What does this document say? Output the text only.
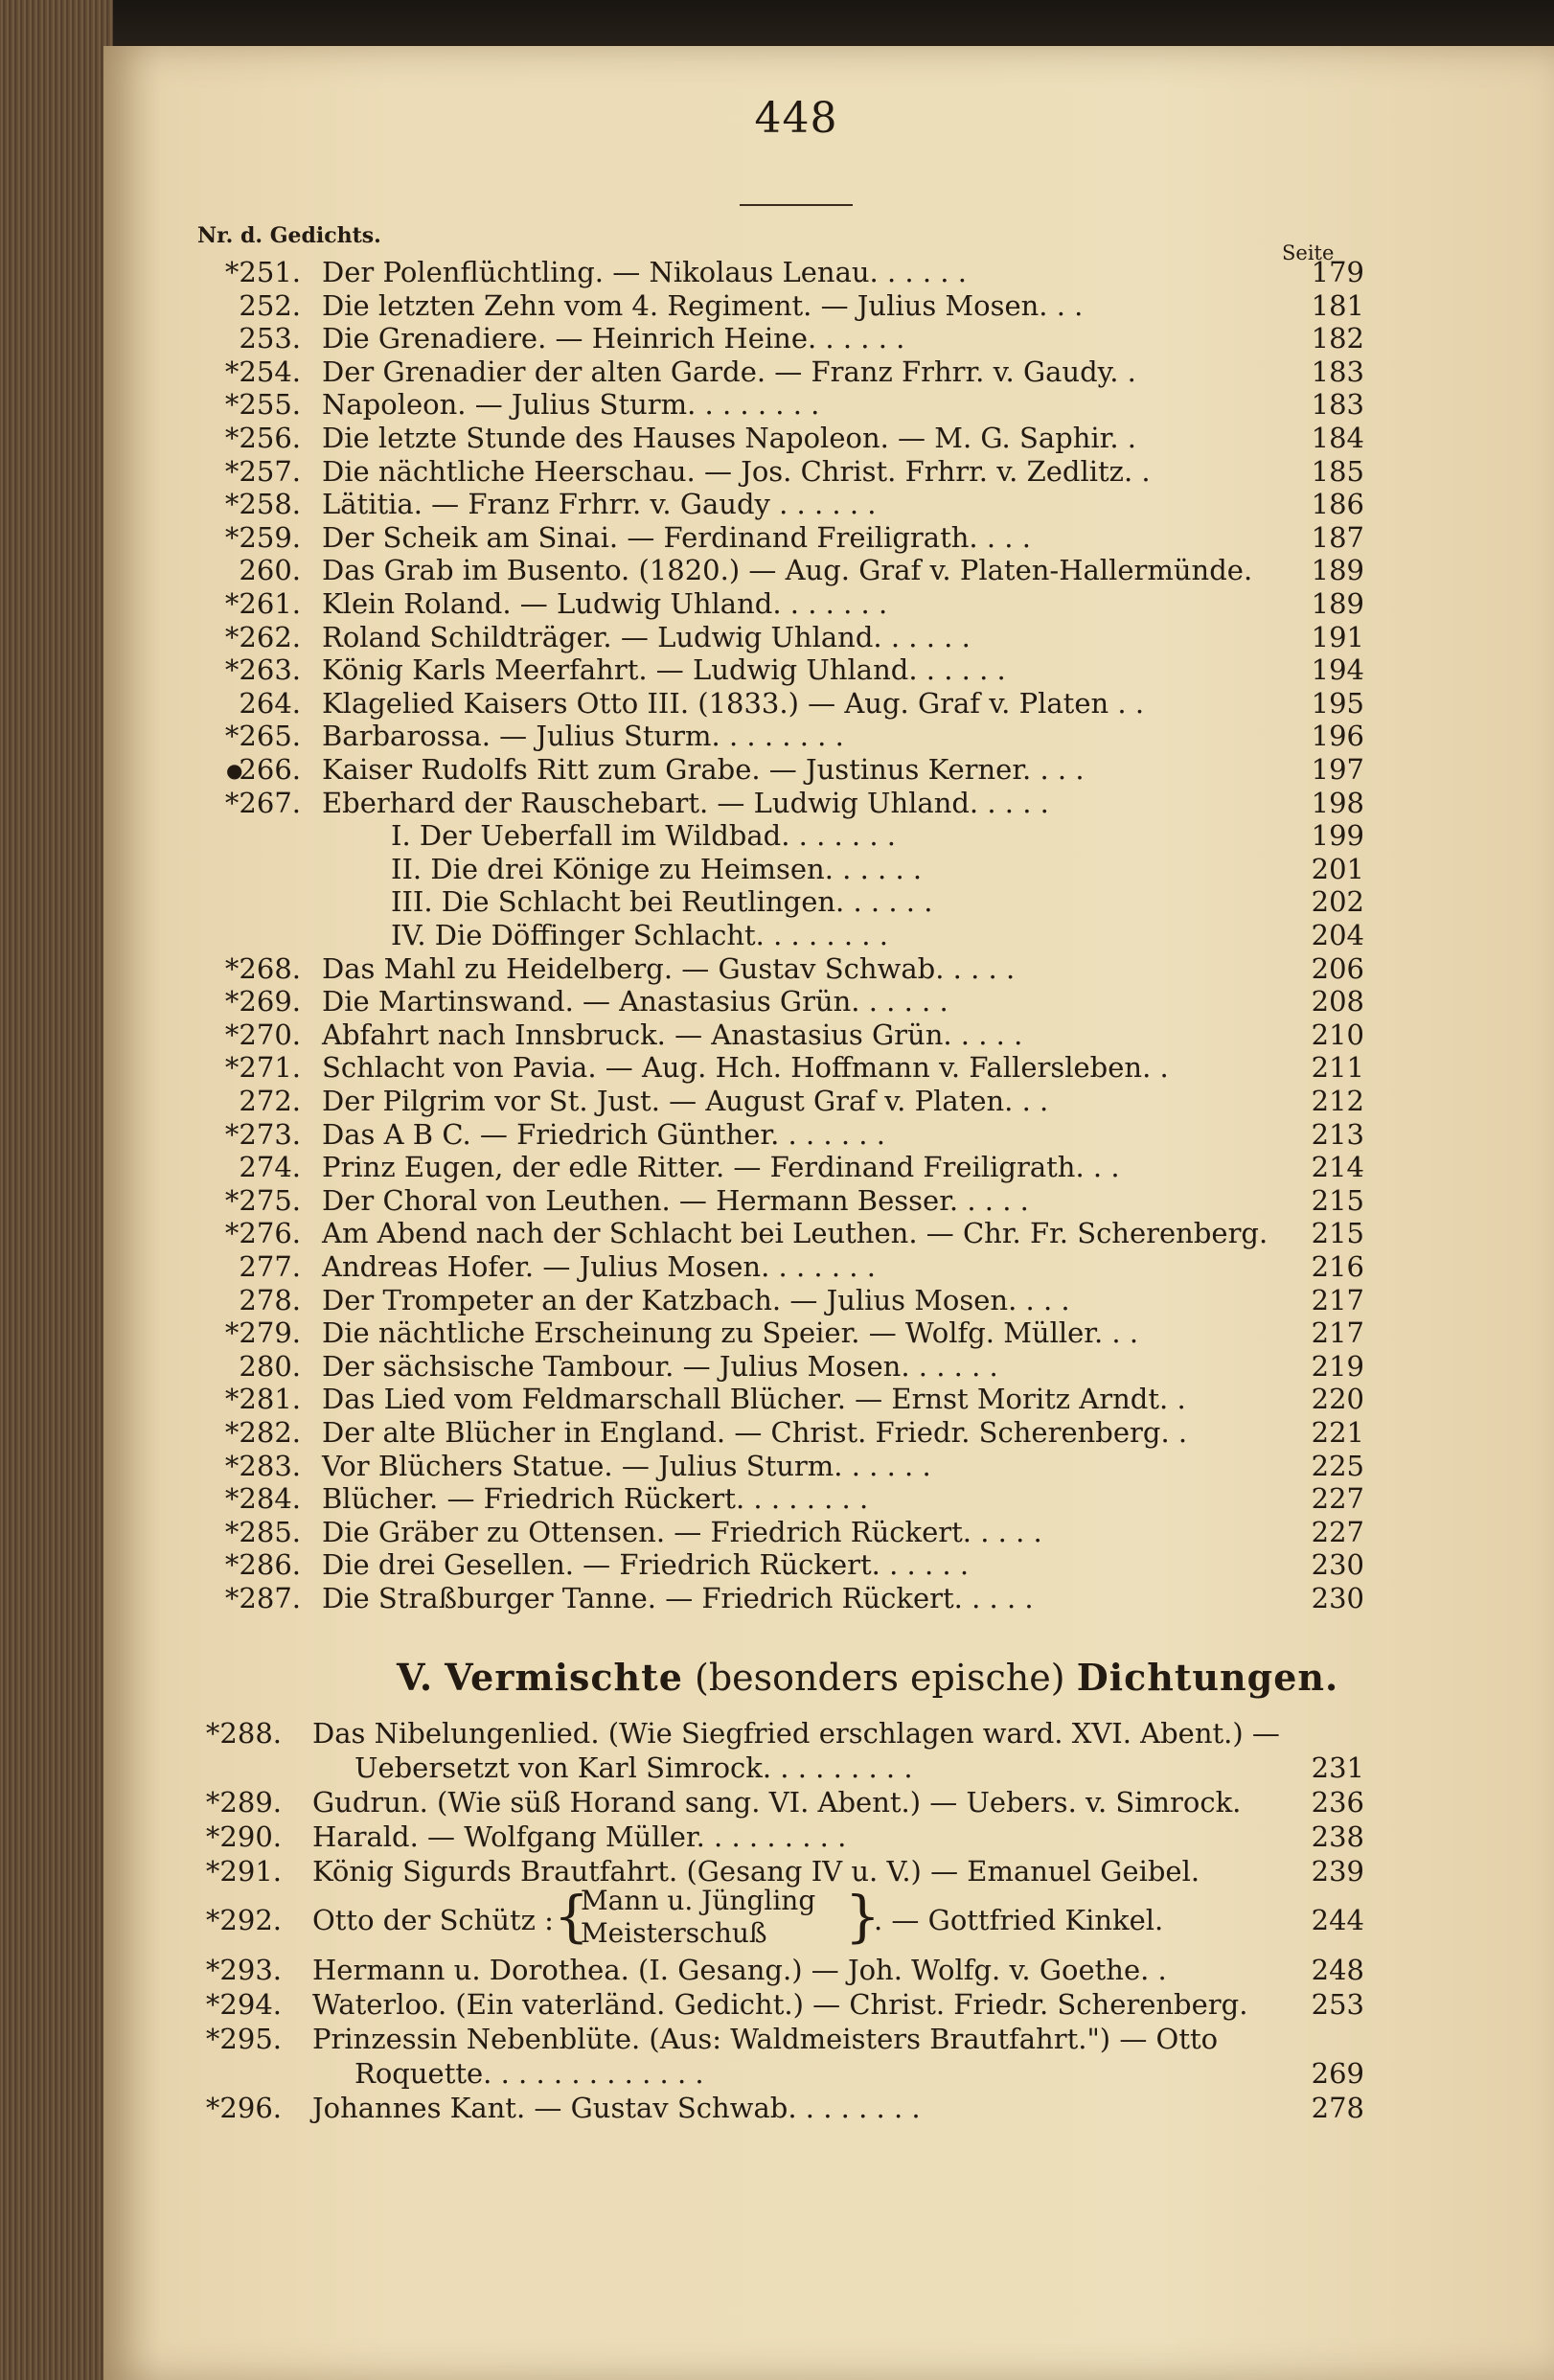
448
Nr. d. Gedichts.
Seite
●
*251. Der Polenflüchtling. — Nikolaus Lenau. . . . . .	179
252. Die letzten Zehn vom 4. Regiment. — Julius Mosen. . .	181
253. Die Grenadiere. — Heinrich Heine. . . . . .	182
*254. Der Grenadier der alten Garde. — Franz Frhrr. v. Gaudy. .	183
*255. Napoleon. — Julius Sturm. . . . . . . .	183
*256. Die letzte Stunde des Hauses Napoleon. — M. G. Saphir. .	184
*257. Die nächtliche Heerschau. — Jos. Christ. Frhrr. v. Zedlitz. .	185
*258. Lätitia. — Franz Frhrr. v. Gaudy . . . . . .	186
*259. Der Scheik am Sinai. — Ferdinand Freiligrath. . . .	187
260. Das Grab im Busento. (1820.) — Aug. Graf v. Platen-Hallermünde.	189
*261. Klein Roland. — Ludwig Uhland. . . . . . .	189
*262. Roland Schildträger. — Ludwig Uhland. . . . . .	191
*263. König Karls Meerfahrt. — Ludwig Uhland. . . . . .	194
264. Klagelied Kaisers Otto III. (1833.) — Aug. Graf v. Platen . .	195
*265. Barbarossa. — Julius Sturm. . . . . . . .	196
266. Kaiser Rudolfs Ritt zum Grabe. — Justinus Kerner. . . .	197
*267. Eberhard der Rauschebart. — Ludwig Uhland. . . . .	198
I. Der Ueberfall im Wildbad. . . . . . .	199
II. Die drei Könige zu Heimsen. . . . . .	201
III. Die Schlacht bei Reutlingen. . . . . .	202
IV. Die Döffinger Schlacht. . . . . . . .	204
*268. Das Mahl zu Heidelberg. — Gustav Schwab. . . . .	206
*269. Die Martinswand. — Anastasius Grün. . . . . .	208
*270. Abfahrt nach Innsbruck. — Anastasius Grün. . . . .	210
*271. Schlacht von Pavia. — Aug. Hch. Hoffmann v. Fallersleben. .	211
272. Der Pilgrim vor St. Just. — August Graf v. Platen. . .	212
*273. Das A B C. — Friedrich Günther. . . . . . .	213
274. Prinz Eugen, der edle Ritter. — Ferdinand Freiligrath. . .	214
*275. Der Choral von Leuthen. — Hermann Besser. . . . .	215
*276. Am Abend nach der Schlacht bei Leuthen. — Chr. Fr. Scherenberg.	215
277. Andreas Hofer. — Julius Mosen. . . . . . .	216
278. Der Trompeter an der Katzbach. — Julius Mosen. . . .	217
*279. Die nächtliche Erscheinung zu Speier. — Wolfg. Müller. . .	217
280. Der sächsische Tambour. — Julius Mosen. . . . . .	219
*281. Das Lied vom Feldmarschall Blücher. — Ernst Moritz Arndt. .	220
*282. Der alte Blücher in England. — Christ. Friedr. Scherenberg. .	221
*283. Vor Blüchers Statue. — Julius Sturm. . . . . .	225
*284. Blücher. — Friedrich Rückert. . . . . . . .	227
*285. Die Gräber zu Ottensen. — Friedrich Rückert. . . . .	227
*286. Die drei Gesellen. — Friedrich Rückert. . . . . .	230
*287. Die Straßburger Tanne. — Friedrich Rückert. . . . .	230
V. Vermischte (besonders epische) Dichtungen.
*288. Das Nibelungenlied. (Wie Siegfried erschlagen ward. XVI. Abent.) —
Uebersetzt von Karl Simrock. . . . . . . . .	231
*289. Gudrun. (Wie süß Horand sang. VI. Abent.) — Uebers. v. Simrock.	236
*290. Harald. — Wolfgang Müller. . . . . . . . .	238
*291. König Sigurds Brautfahrt. (Gesang IV u. V.) — Emanuel Geibel.	239
*292. Otto der Schütz : {
Mann u. Jüngling
Meisterschuß }
. — Gottfried Kinkel.	244
*293. Hermann u. Dorothea. (I. Gesang.) — Joh. Wolfg. v. Goethe. .	248
*294. Waterloo. (Ein vaterländ. Gedicht.) — Christ. Friedr. Scherenberg.	253
*295. Prinzessin Nebenblüte. (Aus: Waldmeisters Brautfahrt.") — Otto
Roquette. . . . . . . . . . . . .	269
*296. Johannes Kant. — Gustav Schwab. . . . . . . .	278
